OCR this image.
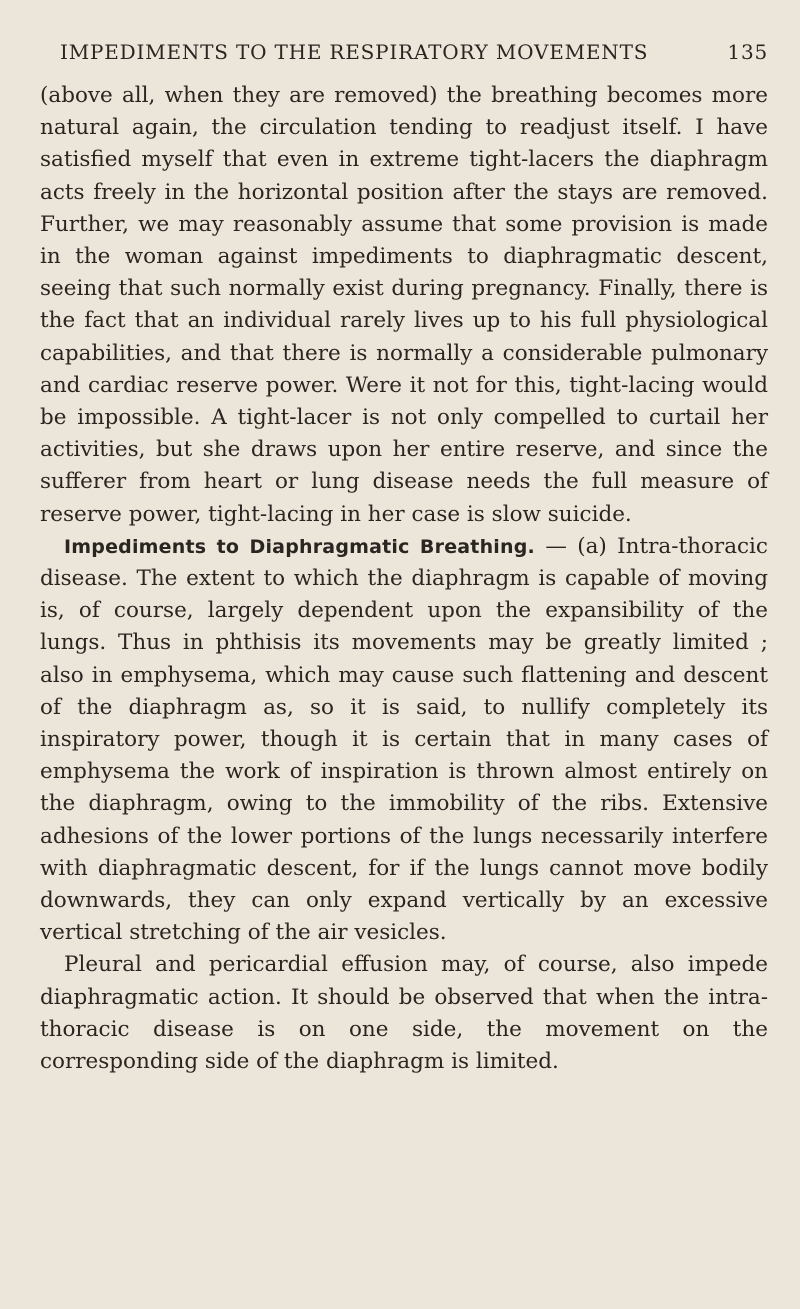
IMPEDIMENTS TO THE RESPIRATORY MOVEMENTS	135

(above all, when they are removed) the breathing becomes more natural again, the circulation tending to readjust itself. I have satisfied myself that even in extreme tight-lacers the diaphragm acts freely in the horizontal position after the stays are removed. Further, we may reasonably assume that some provision is made in the woman against impediments to diaphragmatic descent, seeing that such normally exist during pregnancy. Finally, there is the fact that an individual rarely lives up to his full physiological capabilities, and that there is normally a considerable pulmonary and cardiac reserve power. Were it not for this, tight-lacing would be impossible. A tight-lacer is not only compelled to curtail her activities, but she draws upon her entire reserve, and since the sufferer from heart or lung disease needs the full measure of reserve power, tight-lacing in her case is slow suicide.

Impediments to Diaphragmatic Breathing. — (a) Intra-thoracic disease. The extent to which the diaphragm is capable of moving is, of course, largely dependent upon the expansibility of the lungs. Thus in phthisis its movements may be greatly limited ; also in emphysema, which may cause such flattening and descent of the diaphragm as, so it is said, to nullify completely its inspiratory power, though it is certain that in many cases of emphysema the work of inspiration is thrown almost entirely on the diaphragm, owing to the immobility of the ribs. Extensive adhesions of the lower portions of the lungs necessarily interfere with diaphragmatic descent, for if the lungs cannot move bodily downwards, they can only expand vertically by an excessive vertical stretching of the air vesicles.

Pleural and pericardial effusion may, of course, also impede diaphragmatic action. It should be observed that when the intra-thoracic disease is on one side, the movement on the corresponding side of the diaphragm is limited.
